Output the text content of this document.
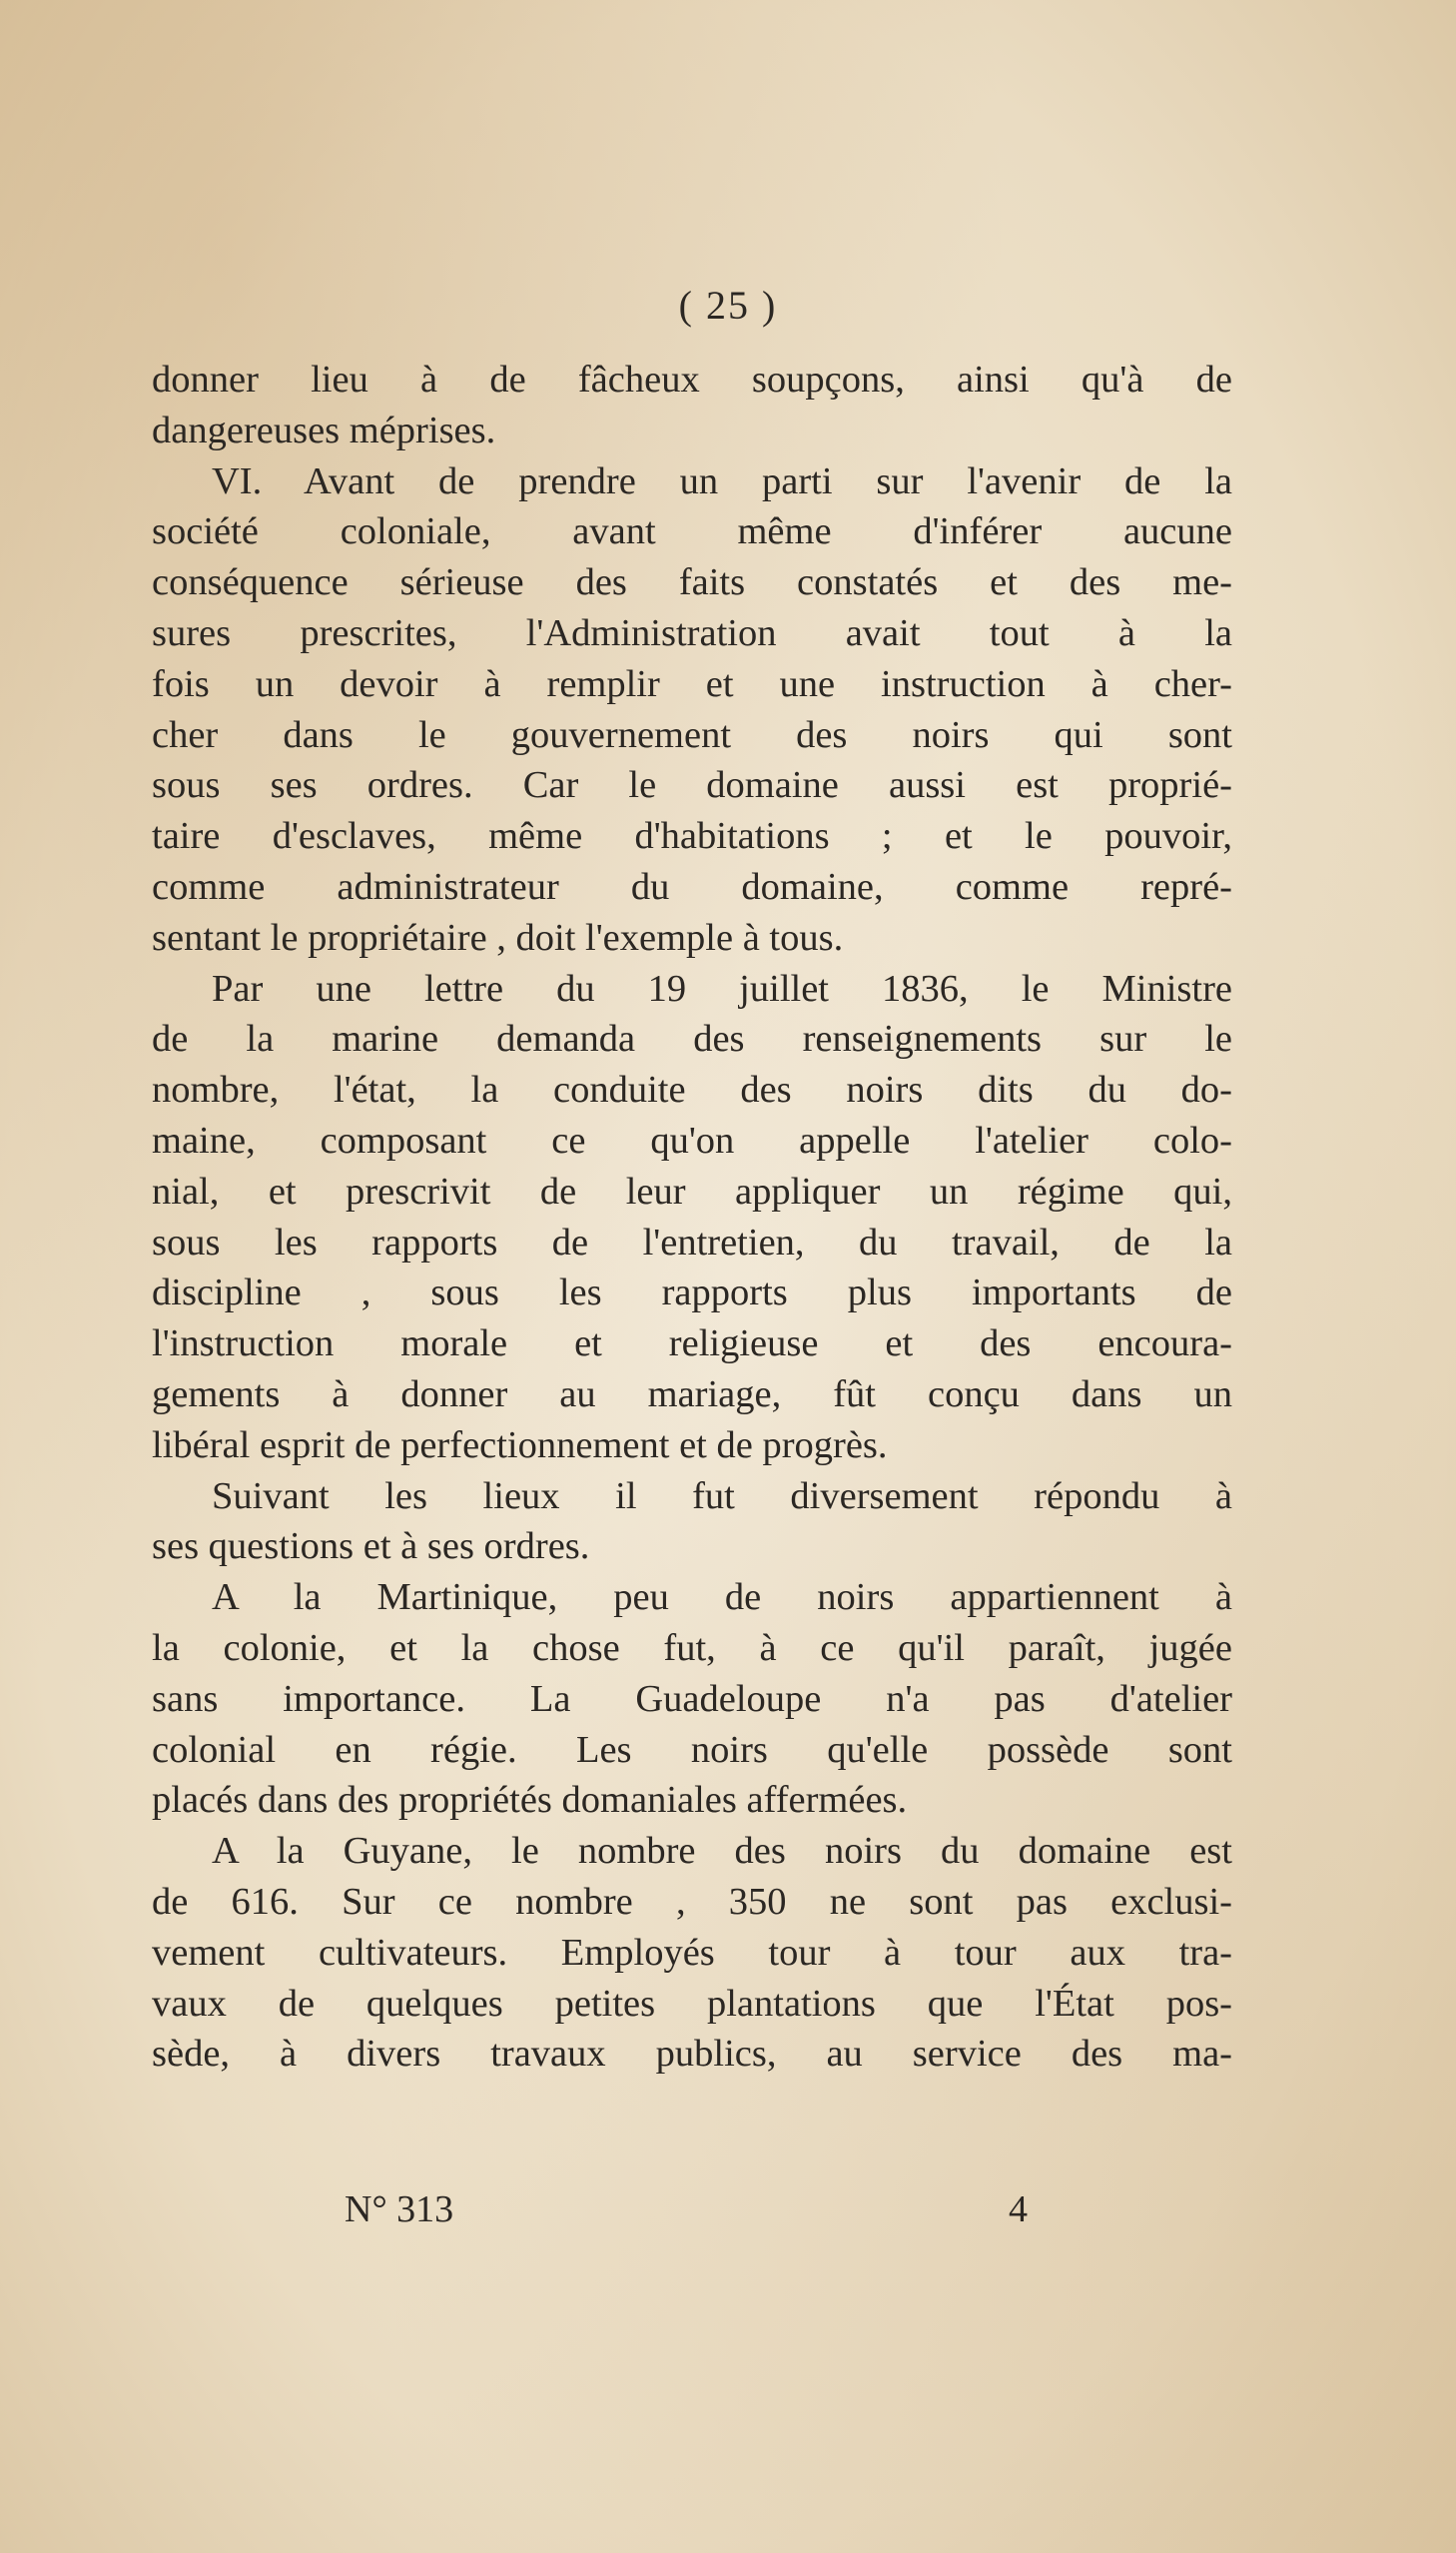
( 25 )
donner lieu à de fâcheux soupçons, ainsi qu'à de
dangereuses méprises.
VI. Avant de prendre un parti sur l'avenir de la
société coloniale, avant même d'inférer aucune
conséquence sérieuse des faits constatés et des me-
sures prescrites, l'Administration avait tout à la
fois un devoir à remplir et une instruction à cher-
cher dans le gouvernement des noirs qui sont
sous ses ordres. Car le domaine aussi est proprié-
taire d'esclaves, même d'habitations ; et le pouvoir,
comme administrateur du domaine, comme repré-
sentant le propriétaire , doit l'exemple à tous.
Par une lettre du 19 juillet 1836, le Ministre
de la marine demanda des renseignements sur le
nombre, l'état, la conduite des noirs dits du do-
maine, composant ce qu'on appelle l'atelier colo-
nial, et prescrivit de leur appliquer un régime qui,
sous les rapports de l'entretien, du travail, de la
discipline , sous les rapports plus importants de
l'instruction morale et religieuse et des encoura-
gements à donner au mariage, fût conçu dans un
libéral esprit de perfectionnement et de progrès.
Suivant les lieux il fut diversement répondu à
ses questions et à ses ordres.
A la Martinique, peu de noirs appartiennent à
la colonie, et la chose fut, à ce qu'il paraît, jugée
sans importance. La Guadeloupe n'a pas d'atelier
colonial en régie. Les noirs qu'elle possède sont
placés dans des propriétés domaniales affermées.
A la Guyane, le nombre des noirs du domaine est
de 616. Sur ce nombre , 350 ne sont pas exclusi-
vement cultivateurs. Employés tour à tour aux tra-
vaux de quelques petites plantations que l'État pos-
sède, à divers travaux publics, au service des ma-
N° 313	4
